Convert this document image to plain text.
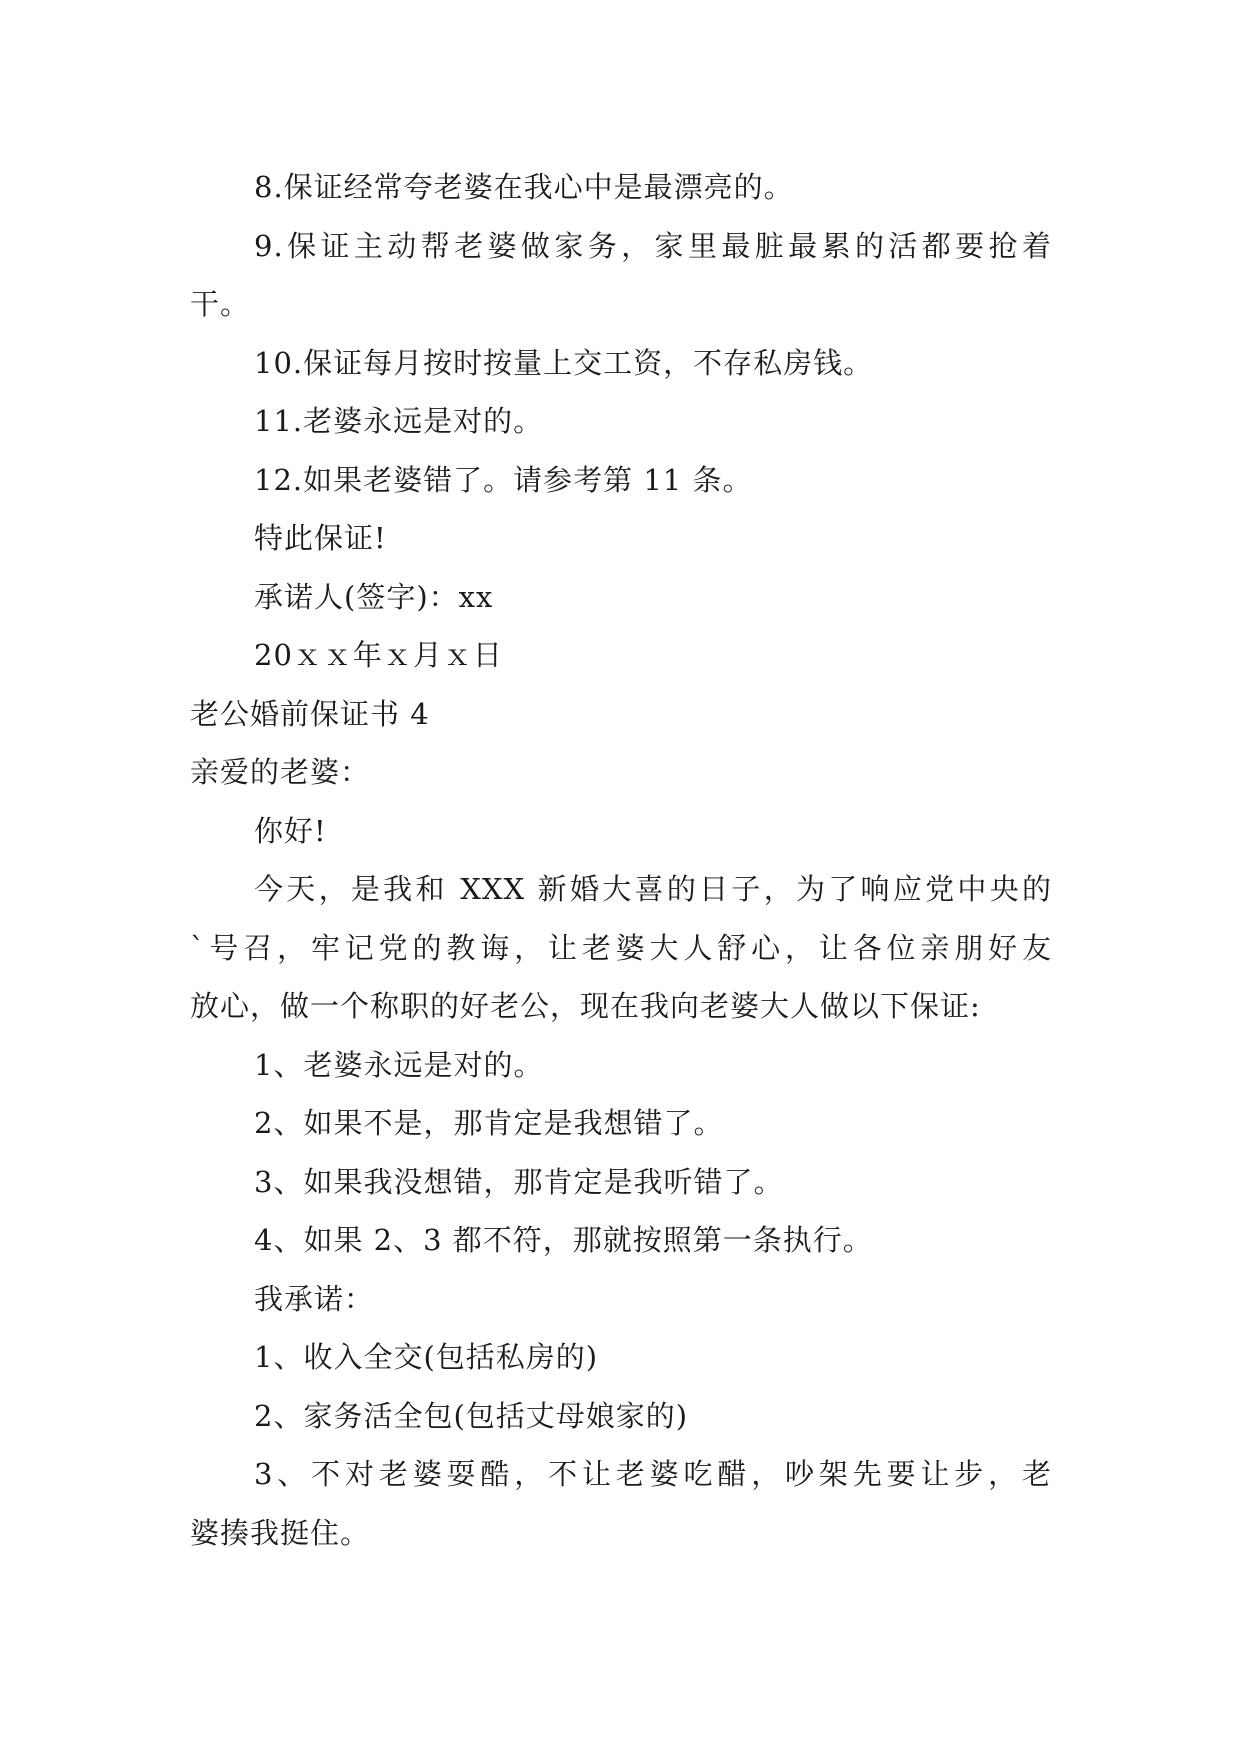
8.保证经常夸老婆在我心中是最漂亮的。
9.保证主动帮老婆做家务，家里最脏最累的活都要抢着
干。
10.保证每月按时按量上交工资，不存私房钱。
11.老婆永远是对的。
12.如果老婆错了。请参考第 11 条。
特此保证!
承诺人(签字)：xx
20ｘｘ年ｘ月ｘ日
老公婚前保证书 4
亲爱的老婆：
你好!
今天，是我和 XXX 新婚大喜的日子，为了响应党中央的
`号召，牢记党的教诲，让老婆大人舒心，让各位亲朋好友
放心，做一个称职的好老公，现在我向老婆大人做以下保证:
1、老婆永远是对的。
2、如果不是，那肯定是我想错了。
3、如果我没想错，那肯定是我听错了。
4、如果 2、3 都不符，那就按照第一条执行。
我承诺：
1、收入全交(包括私房的)
2、家务活全包(包括丈母娘家的)
3、不对老婆耍酷，不让老婆吃醋，吵架先要让步，老
婆揍我挺住。
